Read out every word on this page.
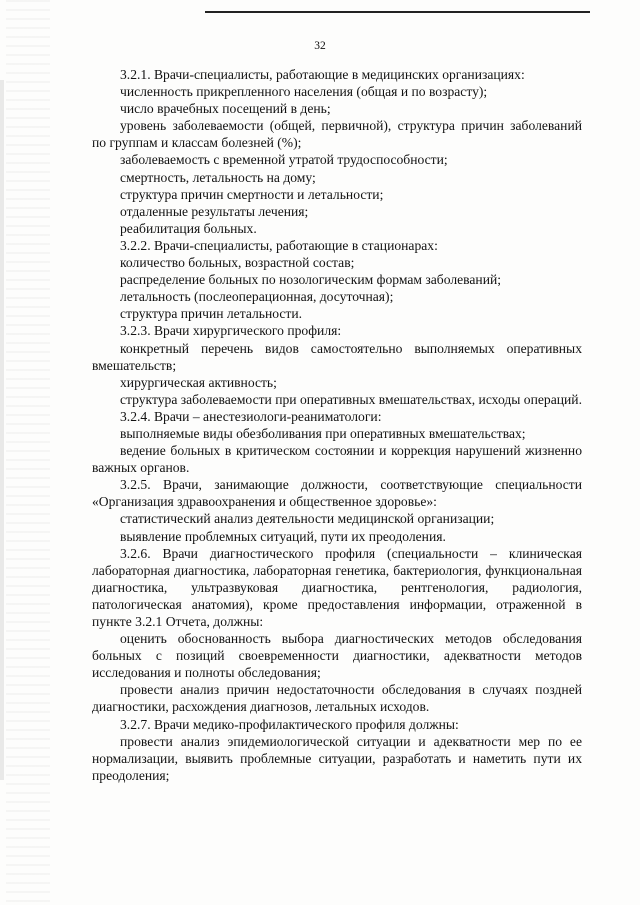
32

3.2.1. Врачи-специалисты, работающие в медицинских организациях:

численность прикрепленного населения (общая и по возрасту);

число врачебных посещений в день;

уровень заболеваемости (общей, первичной), структура причин заболеваний по группам и классам болезней (%);

заболеваемость с временной утратой трудоспособности;

смертность, летальность на дому;

структура причин смертности и летальности;

отдаленные результаты лечения;

реабилитация больных.

3.2.2. Врачи-специалисты, работающие в стационарах:

количество больных, возрастной состав;

распределение больных по нозологическим формам заболеваний;

летальность (послеоперационная, досуточная);

структура причин летальности.

3.2.3. Врачи хирургического профиля:

конкретный перечень видов самостоятельно выполняемых оперативных вмешательств;

хирургическая активность;

структура заболеваемости при оперативных вмешательствах, исходы операций.

3.2.4. Врачи – анестезиологи-реаниматологи:

выполняемые виды обезболивания при оперативных вмешательствах;

ведение больных в критическом состоянии и коррекция нарушений жизненно важных органов.

3.2.5. Врачи, занимающие должности, соответствующие специальности «Организация здравоохранения и общественное здоровье»:

статистический анализ деятельности медицинской организации;

выявление проблемных ситуаций, пути их преодоления.

3.2.6. Врачи диагностического профиля (специальности – клиническая лабораторная диагностика, лабораторная генетика, бактериология, функциональная диагностика, ультразвуковая диагностика, рентгенология, радиология, патологическая анатомия), кроме предоставления информации, отраженной в пункте 3.2.1 Отчета, должны:

оценить обоснованность выбора диагностических методов обследования больных с позиций своевременности диагностики, адекватности методов исследования и полноты обследования;

провести анализ причин недостаточности обследования в случаях поздней диагностики, расхождения диагнозов, летальных исходов.

3.2.7. Врачи медико-профилактического профиля должны:

провести анализ эпидемиологической ситуации и адекватности мер по ее нормализации, выявить проблемные ситуации, разработать и наметить пути их преодоления;
